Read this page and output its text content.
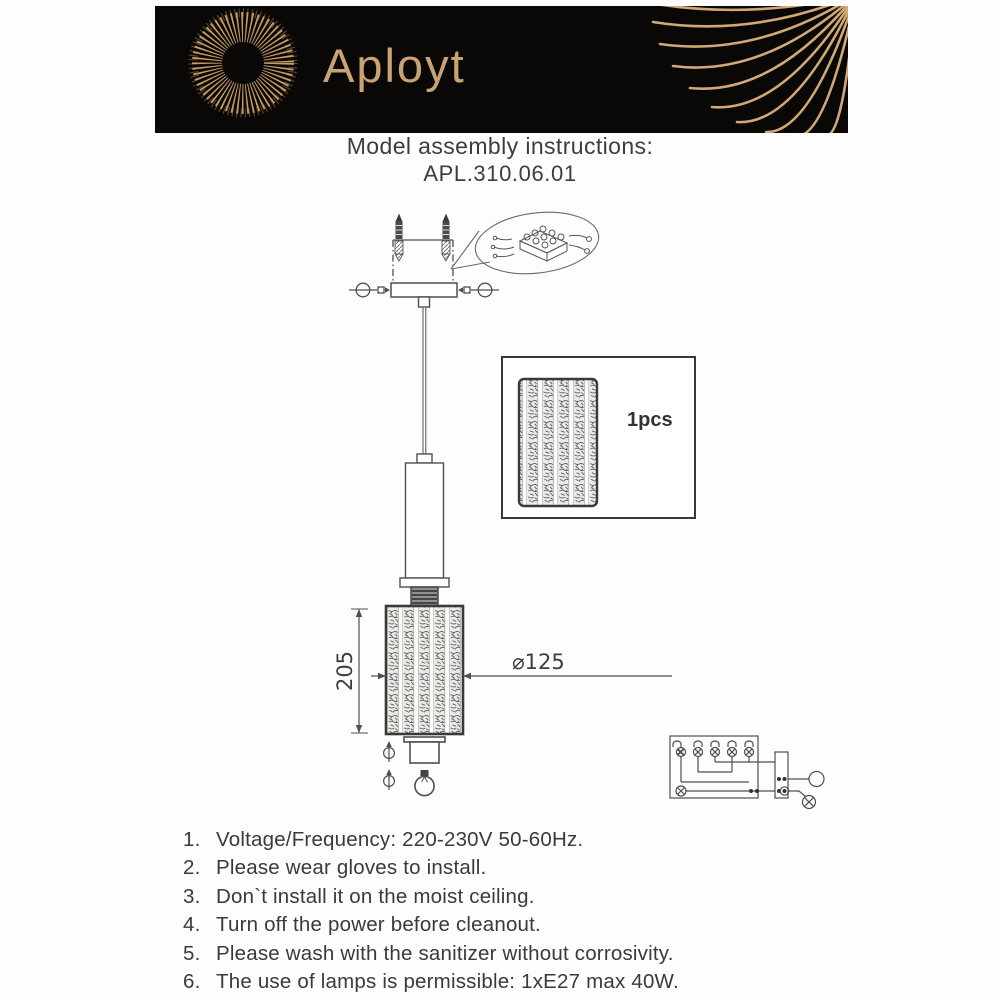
Aployt
Model assembly instructions:
APL.310.06.01
205	⌀125
1pcs
1. Voltage/Frequency: 220-230V 50-60Hz.
2. Please wear gloves to install.
3. Don`t install it on the moist ceiling.
4. Turn off the power before cleanout.
5. Please wash with the sanitizer without corrosivity.
6. The use of lamps is permissible: 1xE27 max 40W.
